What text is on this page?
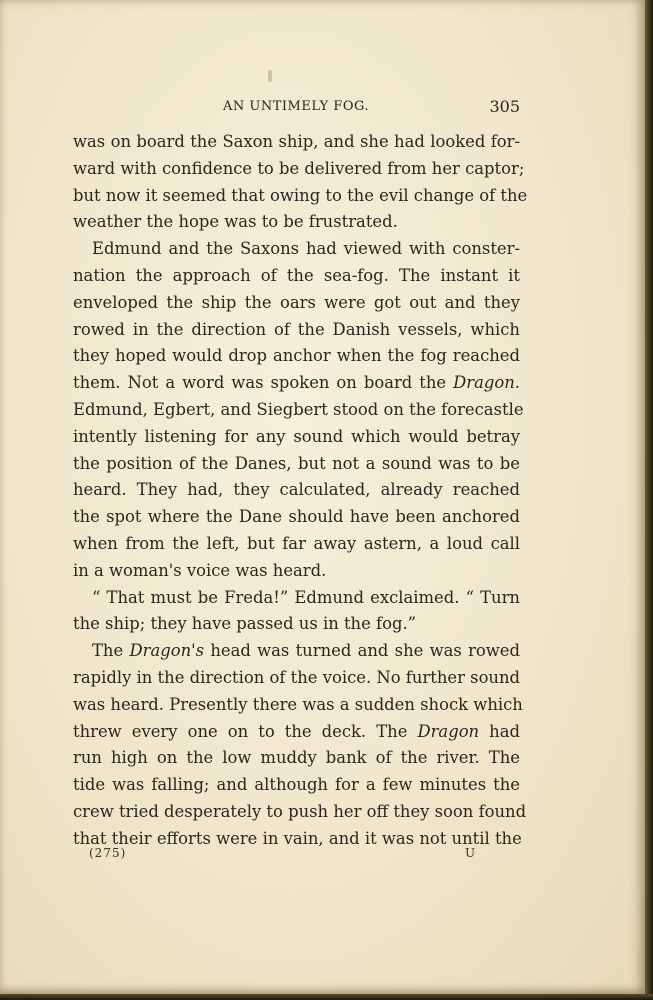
AN UNTIMELY FOG.	305
was on board the Saxon ship, and she had looked for-
ward with confidence to be delivered from her captor;
but now it seemed that owing to the evil change of the
weather the hope was to be frustrated.
Edmund and the Saxons had viewed with conster-
nation the approach of the sea-fog. The instant it
enveloped the ship the oars were got out and they
rowed in the direction of the Danish vessels, which
they hoped would drop anchor when the fog reached
them. Not a word was spoken on board the Dragon.
Edmund, Egbert, and Siegbert stood on the forecastle
intently listening for any sound which would betray
the position of the Danes, but not a sound was to be
heard. They had, they calculated, already reached
the spot where the Dane should have been anchored
when from the left, but far away astern, a loud call
in a woman's voice was heard.
“ That must be Freda!” Edmund exclaimed. “ Turn
the ship; they have passed us in the fog.”
The Dragon's head was turned and she was rowed
rapidly in the direction of the voice. No further sound
was heard. Presently there was a sudden shock which
threw every one on to the deck. The Dragon had
run high on the low muddy bank of the river. The
tide was falling; and although for a few minutes the
crew tried desperately to push her off they soon found
that their efforts were in vain, and it was not until the
(275)	U
